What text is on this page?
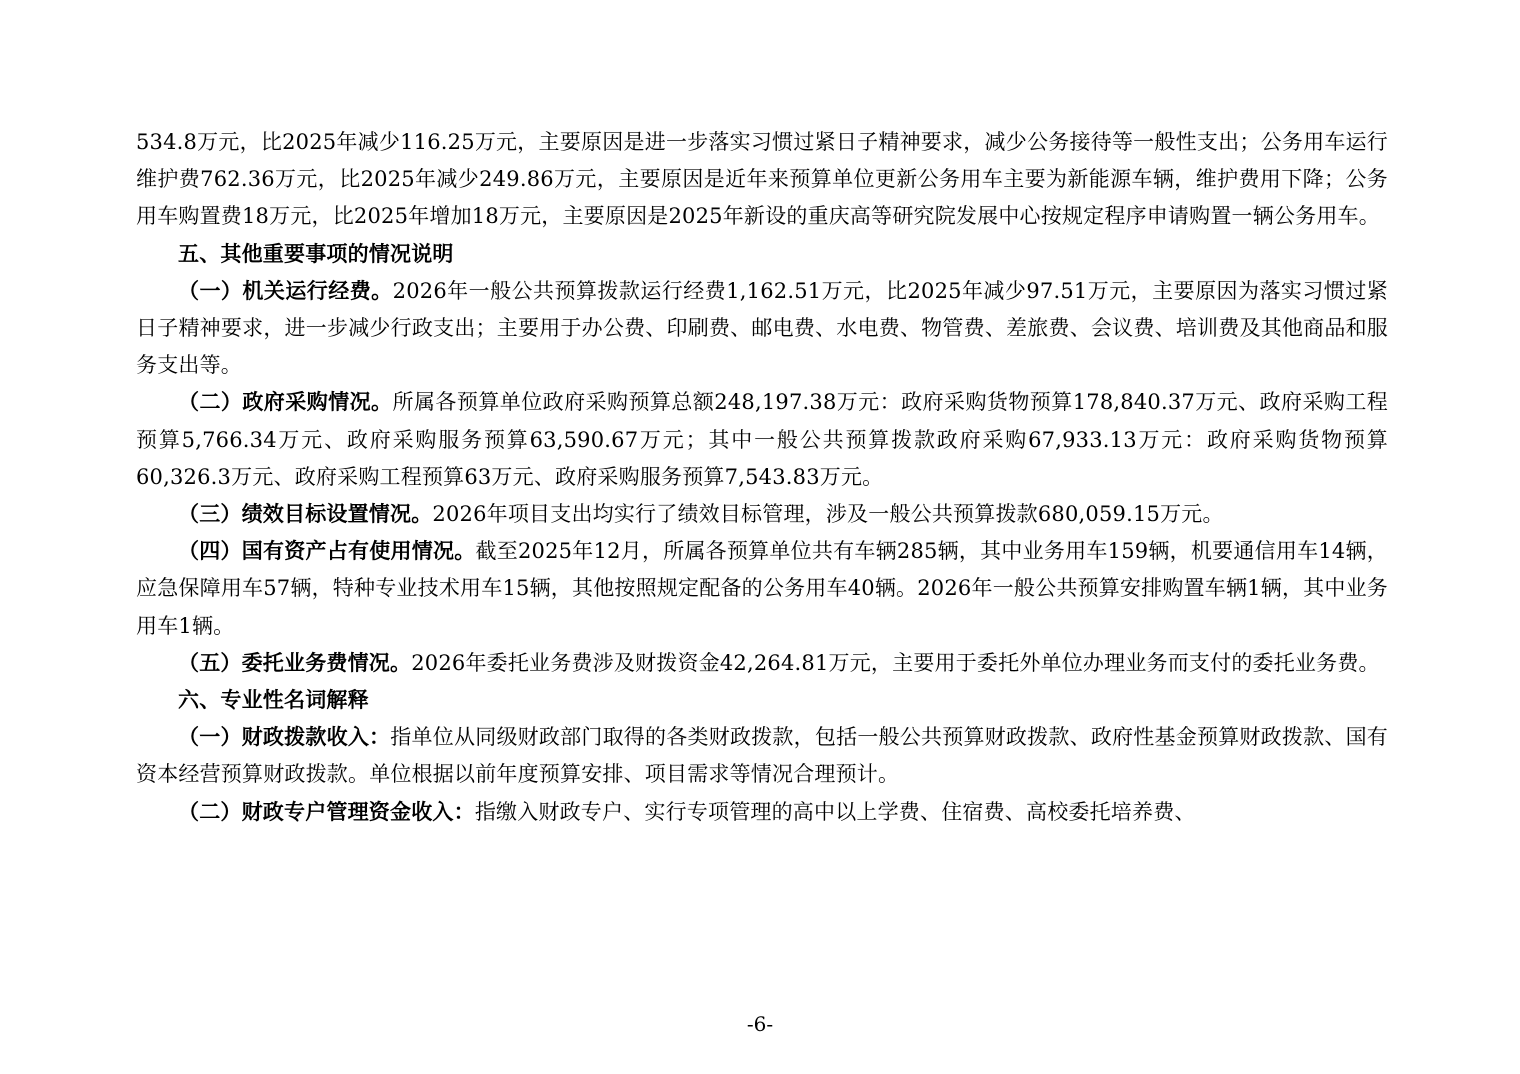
534.8万元，比2025年减少116.25万元，主要原因是进一步落实习惯过紧日子精神要求，减少公务接待等一般性支出；公务用车运行维护费762.36万元，比2025年减少249.86万元，主要原因是近年来预算单位更新公务用车主要为新能源车辆，维护费用下降；公务用车购置费18万元，比2025年增加18万元，主要原因是2025年新设的重庆高等研究院发展中心按规定程序申请购置一辆公务用车。

五、其他重要事项的情况说明

（一）机关运行经费。2026年一般公共预算拨款运行经费1,162.51万元，比2025年减少97.51万元，主要原因为落实习惯过紧日子精神要求，进一步减少行政支出；主要用于办公费、印刷费、邮电费、水电费、物管费、差旅费、会议费、培训费及其他商品和服务支出等。

（二）政府采购情况。所属各预算单位政府采购预算总额248,197.38万元：政府采购货物预算178,840.37万元、政府采购工程预算5,766.34万元、政府采购服务预算63,590.67万元；其中一般公共预算拨款政府采购67,933.13万元：政府采购货物预算60,326.3万元、政府采购工程预算63万元、政府采购服务预算7,543.83万元。

（三）绩效目标设置情况。2026年项目支出均实行了绩效目标管理，涉及一般公共预算拨款680,059.15万元。

（四）国有资产占有使用情况。截至2025年12月，所属各预算单位共有车辆285辆，其中业务用车159辆，机要通信用车14辆，应急保障用车57辆，特种专业技术用车15辆，其他按照规定配备的公务用车40辆。2026年一般公共预算安排购置车辆1辆，其中业务用车1辆。

（五）委托业务费情况。2026年委托业务费涉及财拨资金42,264.81万元，主要用于委托外单位办理业务而支付的委托业务费。

六、专业性名词解释

（一）财政拨款收入：指单位从同级财政部门取得的各类财政拨款，包括一般公共预算财政拨款、政府性基金预算财政拨款、国有资本经营预算财政拨款。单位根据以前年度预算安排、项目需求等情况合理预计。

（二）财政专户管理资金收入：指缴入财政专户、实行专项管理的高中以上学费、住宿费、高校委托培养费、

-6-
